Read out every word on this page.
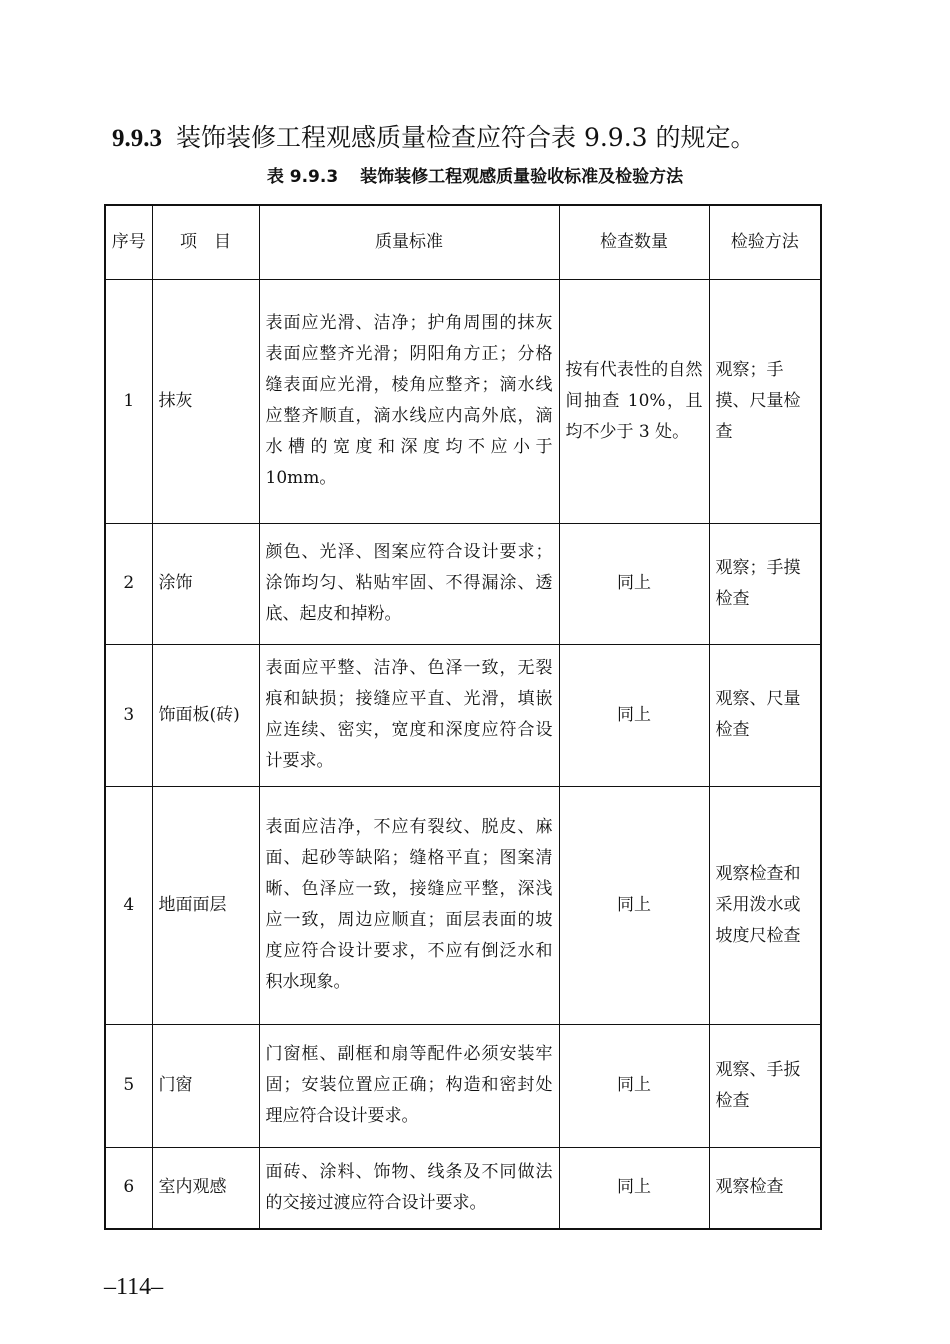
9.9.3 装饰装修工程观感质量检查应符合表 9.9.3 的规定。
表 9.9.3 装饰装修工程观感质量验收标准及检验方法
序号	项　目	质量标准	检查数量	检验方法
1	抹灰	表面应光滑、洁净；护角周围的抹灰表面应整齐光滑；阴阳角方正；分格缝表面应光滑，棱角应整齐；滴水线应整齐顺直，滴水线应内高外底，滴水槽的宽度和深度均不应小于10mm。	按有代表性的自然间抽查 10%，且均不少于 3 处。	观察；手摸、尺量检查
2	涂饰	颜色、光泽、图案应符合设计要求；涂饰均匀、粘贴牢固、不得漏涂、透底、起皮和掉粉。	同上	观察；手摸检查
3	饰面板(砖)	表面应平整、洁净、色泽一致，无裂痕和缺损；接缝应平直、光滑，填嵌应连续、密实，宽度和深度应符合设计要求。	同上	观察、尺量检查
4	地面面层	表面应洁净，不应有裂纹、脱皮、麻面、起砂等缺陷；缝格平直；图案清晰、色泽应一致，接缝应平整，深浅应一致，周边应顺直；面层表面的坡度应符合设计要求，不应有倒泛水和积水现象。	同上	观察检查和采用泼水或坡度尺检查
5	门窗	门窗框、副框和扇等配件必须安装牢固；安装位置应正确；构造和密封处理应符合设计要求。	同上	观察、手扳检查
6	室内观感	面砖、涂料、饰物、线条及不同做法的交接过渡应符合设计要求。	同上	观察检查
–114–
